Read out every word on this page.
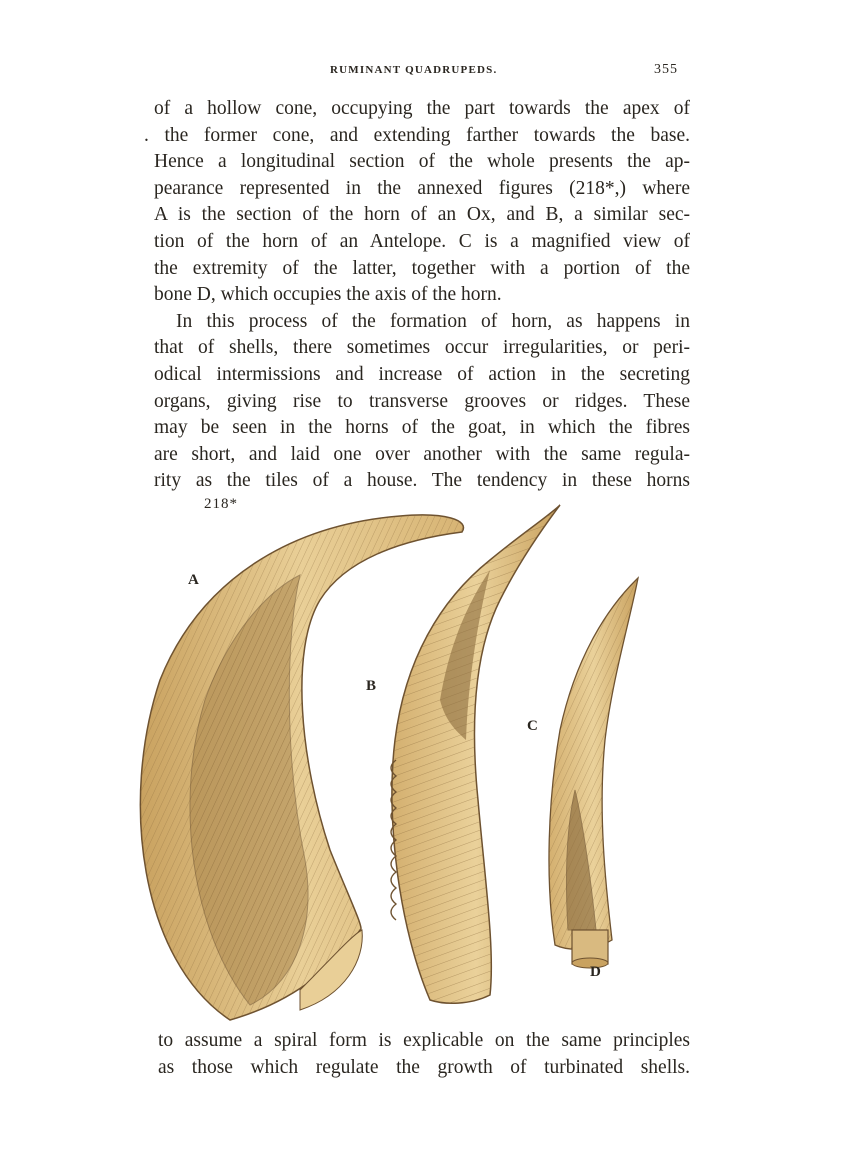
RUMINANT QUADRUPEDS.	355
of a hollow cone, occupying the part towards the apex of
. the former cone, and extending farther towards the base.
Hence a longitudinal section of the whole presents the ap-
pearance represented in the annexed figures (218*,) where
A is the section of the horn of an Ox, and B, a similar sec-
tion of the horn of an Antelope. C is a magnified view of
the extremity of the latter, together with a portion of the
bone D, which occupies the axis of the horn.
In this process of the formation of horn, as happens in
that of shells, there sometimes occur irregularities, or peri-
odical intermissions and increase of action in the secreting
organs, giving rise to transverse grooves or ridges. These
may be seen in the horns of the goat, in which the fibres
are short, and laid one over another with the same regula-
rity as the tiles of a house. The tendency in these horns
218*
A
B
C
D
to assume a spiral form is explicable on the same principles
as those which regulate the growth of turbinated shells.
